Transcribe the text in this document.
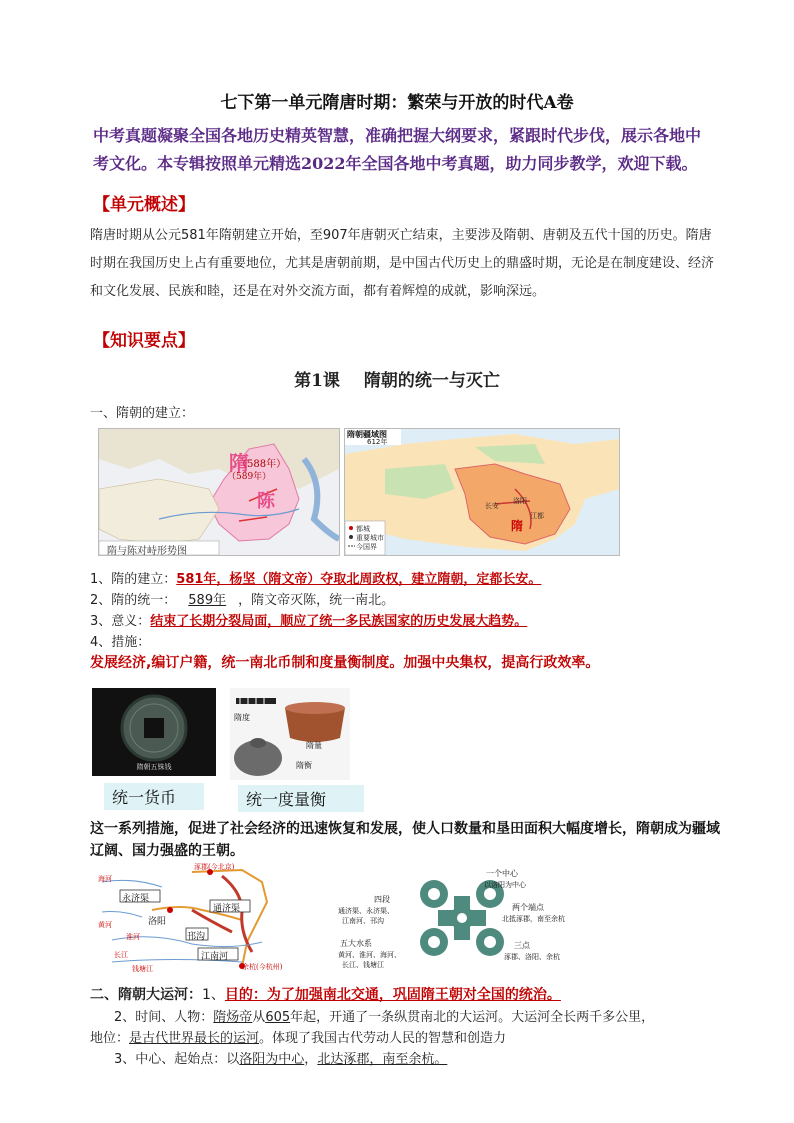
七下第一单元隋唐时期：繁荣与开放的时代A卷
中考真题凝聚全国各地历史精英智慧，准确把握大纲要求，紧跟时代步伐，展示各地中考文化。本专辑按照单元精选2022年全国各地中考真题，助力同步教学，欢迎下载。
【单元概述】
隋唐时期从公元581年隋朝建立开始，至907年唐朝灭亡结束，主要涉及隋朝、唐朝及五代十国的历史。隋唐时期在我国历史上占有重要地位，尤其是唐朝前期，是中国古代历史上的鼎盛时期，无论是在制度建设、经济和文化发展、民族和睦，还是在对外交流方面，都有着辉煌的成就，影响深远。
【知识要点】
第1课 隋朝的统一与灭亡
一、隋朝的建立：
隋
（588年）
（589年）
陈
隋与陈对峙形势图
隋朝疆域图
612年
长安
洛阳
江都
隋
都城
重要城市
今国界
1、隋的建立：581年，杨坚（隋文帝）夺取北周政权，建立隋朝，定都长安。
2、隋的统一： 589年 ，隋文帝灭陈，统一南北。
3、意义：结束了长期分裂局面，顺应了统一多民族国家的历史发展大趋势。
4、措施：
发展经济,编订户籍，统一南北币制和度量衡制度。加强中央集权，提高行政效率。
隋朝五铢钱
统一货币
隋度
隋量
隋衡
统一度量衡
这一系列措施，促进了社会经济的迅速恢复和发展，使人口数量和垦田面积大幅度增长，隋朝成为疆域辽阔、国力强盛的王朝。
涿郡(今北京)
海河
永济渠
洛阳
通济渠
黄河
淮河	邗沟
江南河
长江
钱塘江	余杭(今杭州)
一个中心
以洛阳为中心
四段
通济渠、永济渠、
江南河、邗沟
两个端点
北抵涿郡，南至余杭
五大水系
黄河、淮河、海河、
长江、钱塘江
三点
涿郡、洛阳、余杭
二、隋朝大运河：1、目的：为了加强南北交通，巩固隋王朝对全国的统治。
2、时间、人物：隋炀帝从605年起，开通了一条纵贯南北的大运河。大运河全长两千多公里，
地位：是古代世界最长的运河。体现了我国古代劳动人民的智慧和创造力
3、中心、起始点：以洛阳为中心，北达涿郡，南至余杭。
